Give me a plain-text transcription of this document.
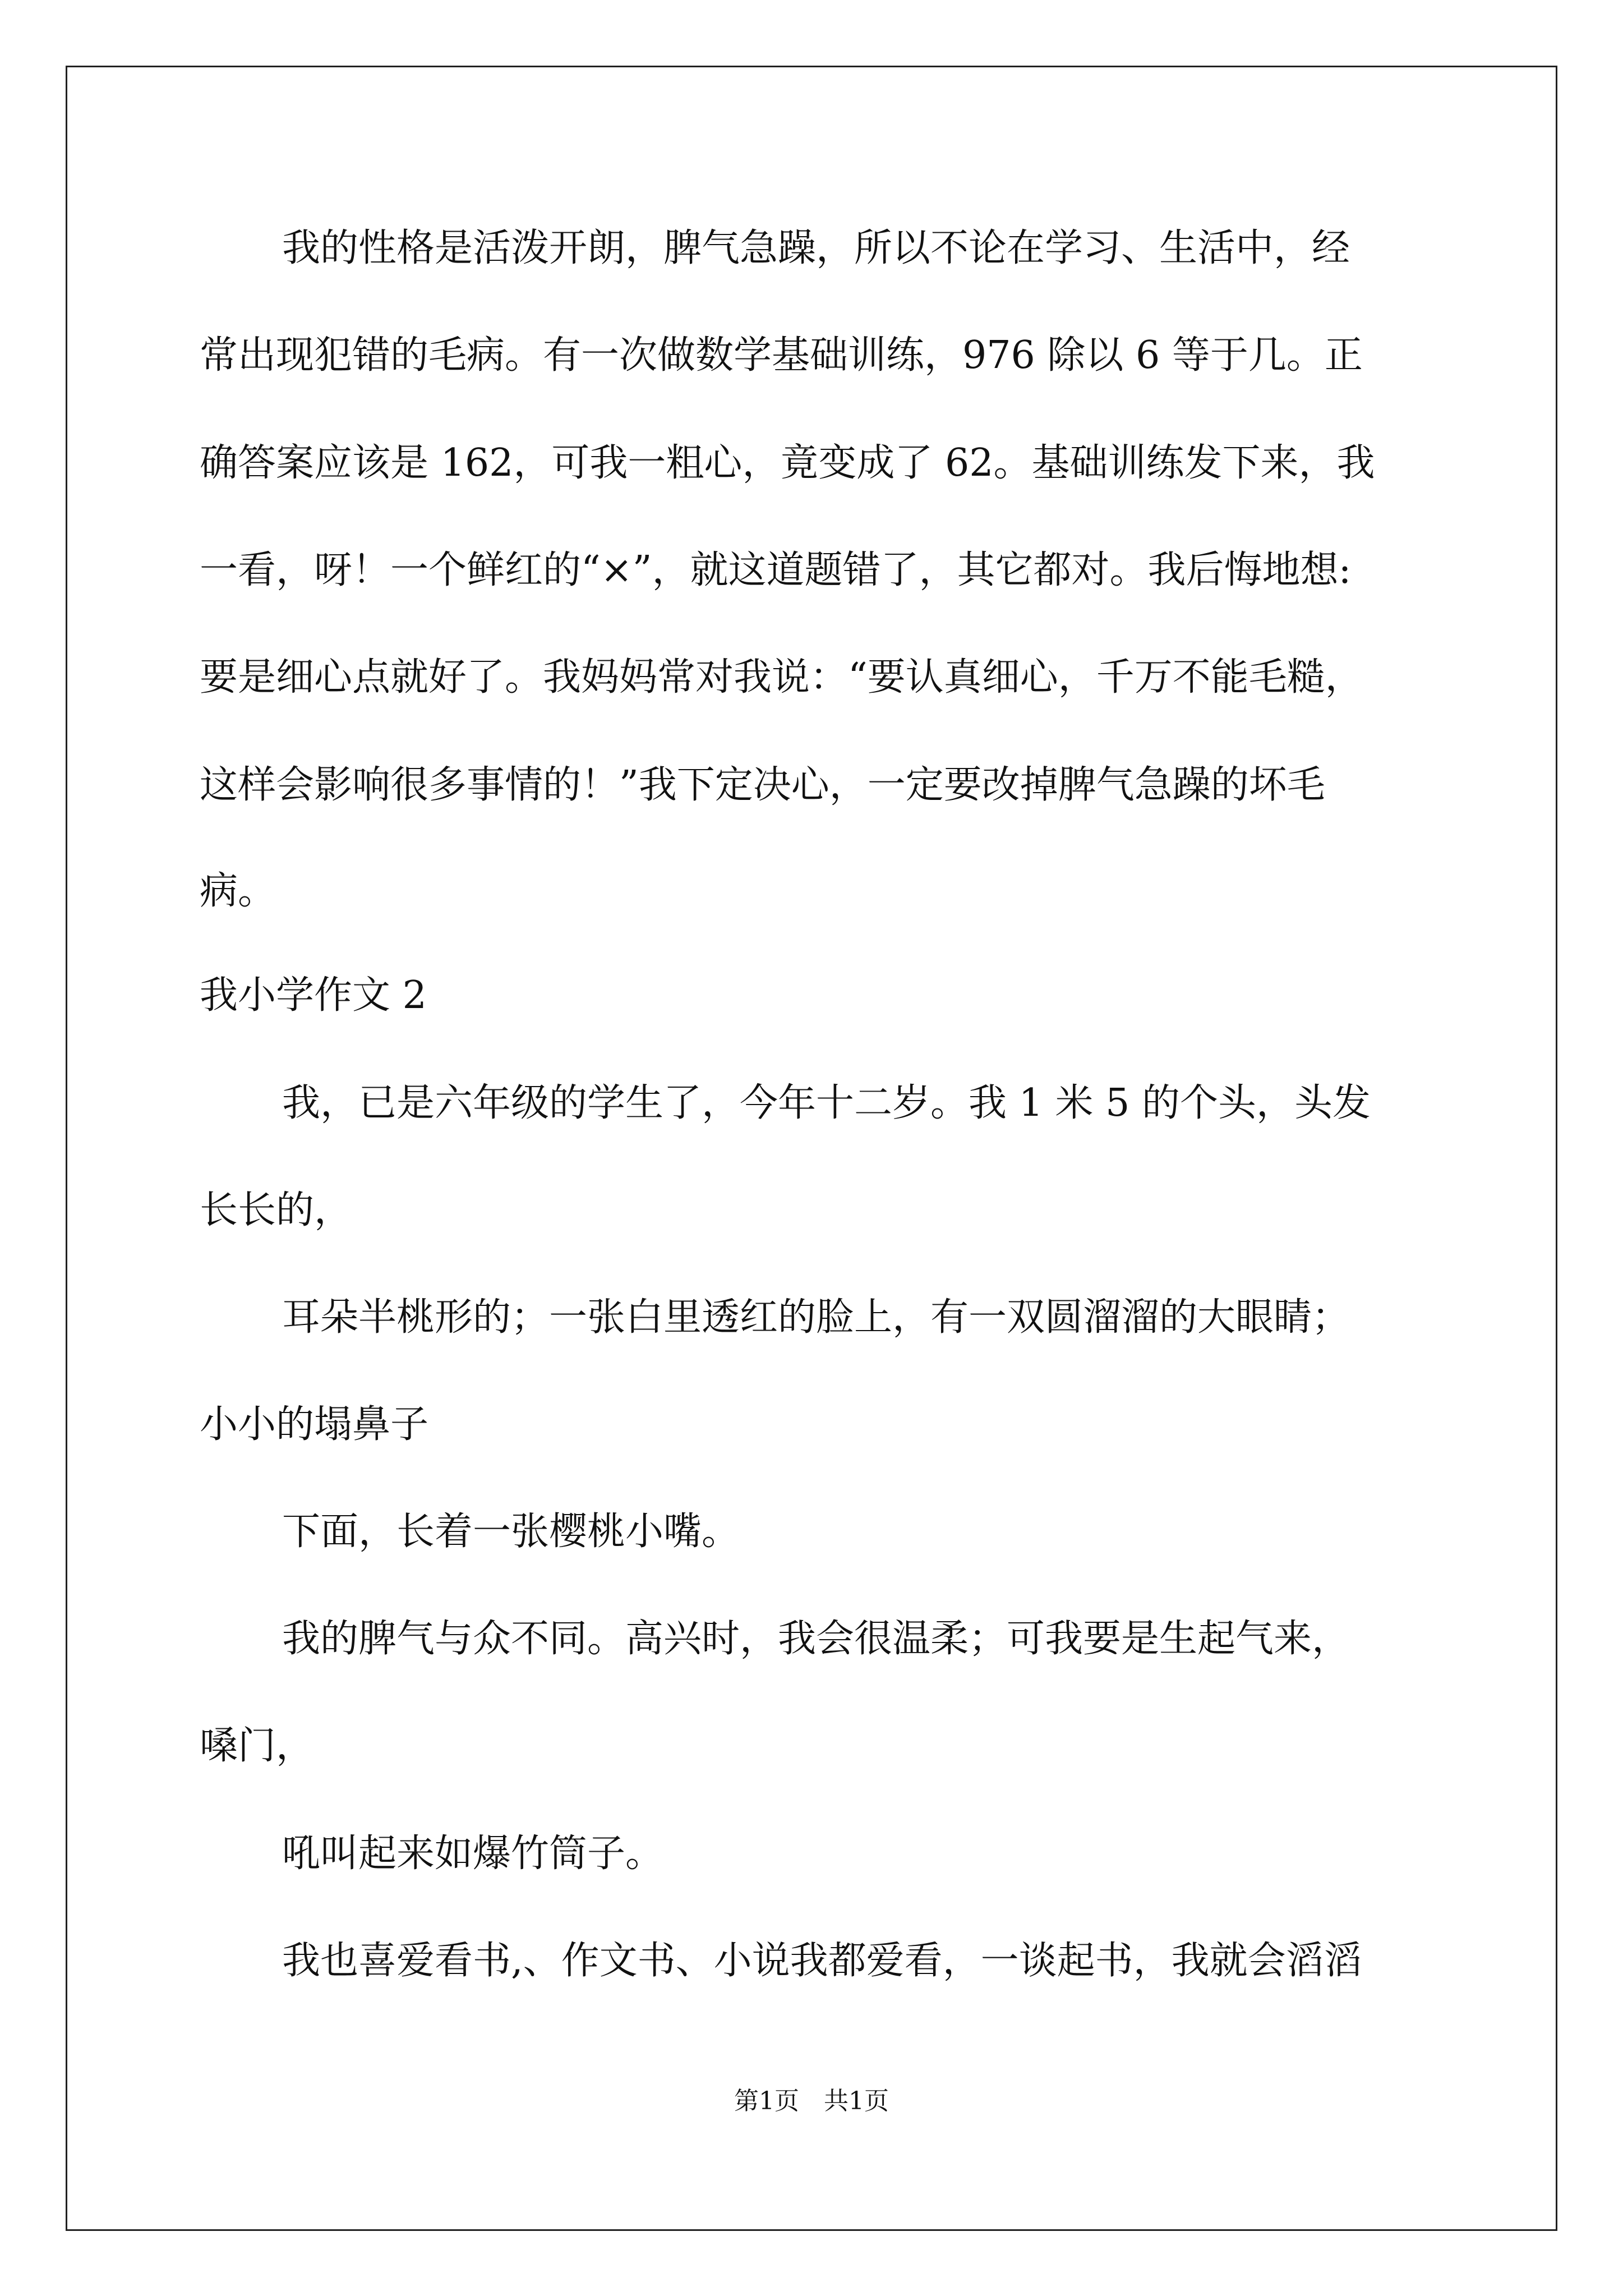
我的性格是活泼开朗，脾气急躁，所以不论在学习、生活中，经
常出现犯错的毛病。有一次做数学基础训练，976 除以 6 等于几。正
确答案应该是 162，可我一粗心，竟变成了 62。基础训练发下来，我
一看，呀！一个鲜红的“×”，就这道题错了，其它都对。我后悔地想:
要是细心点就好了。我妈妈常对我说：“要认真细心，千万不能毛糙，
这样会影响很多事情的！”我下定决心，一定要改掉脾气急躁的坏毛
病。
我小学作文 2
我，已是六年级的学生了，今年十二岁。我 1 米 5 的个头，头发
长长的，
耳朵半桃形的；一张白里透红的脸上，有一双圆溜溜的大眼睛；
小小的塌鼻子
下面，长着一张樱桃小嘴。
我的脾气与众不同。高兴时，我会很温柔；可我要是生起气来，
嗓门，
吼叫起来如爆竹筒子。
我也喜爱看书,、作文书、小说我都爱看，一谈起书，我就会滔滔
第1页　共1页
